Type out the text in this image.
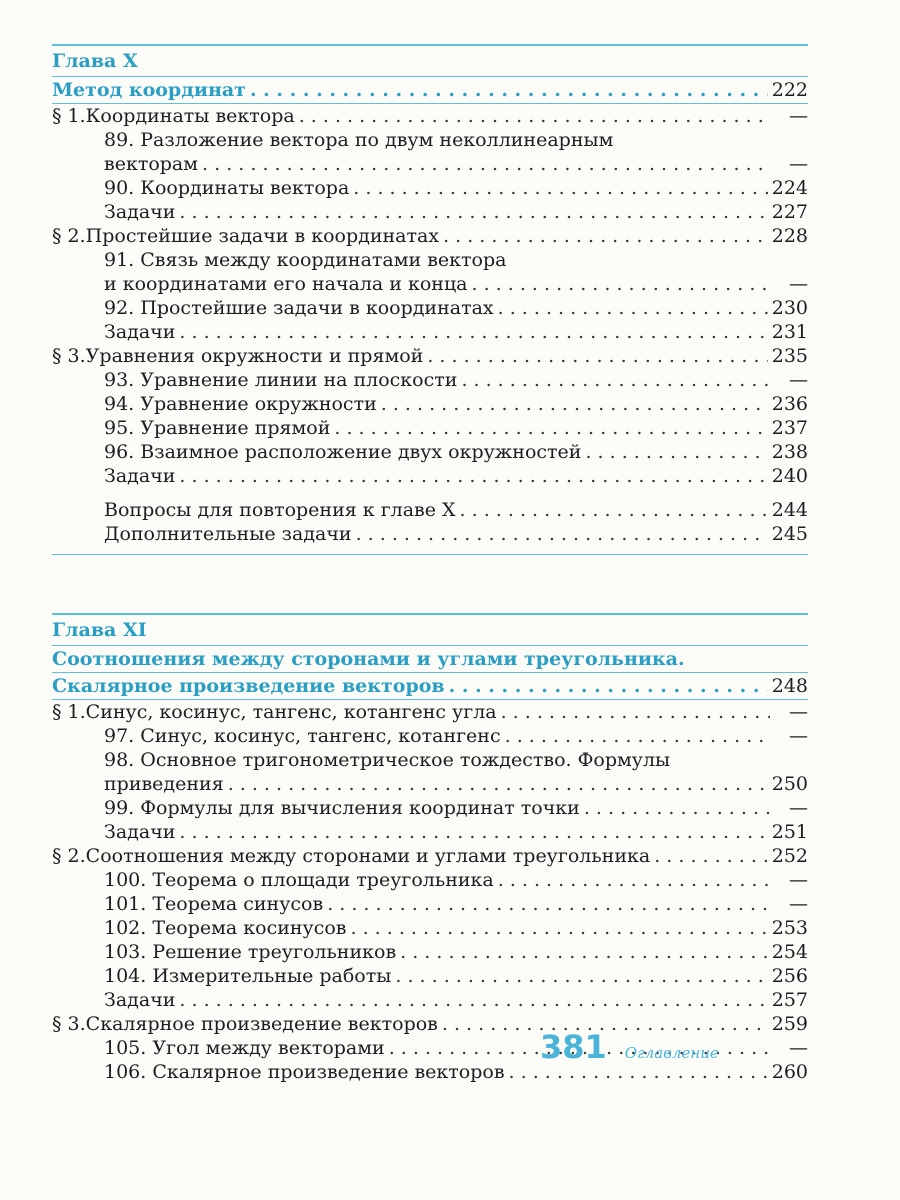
Глава X
Метод координат . . .	222
§ 1. Координаты вектора . . .	—
89. Разложение вектора по двум неколлинеарным
векторам . . .	—
90. Координаты вектора . . .	224
Задачи . . .	227
§ 2. Простейшие задачи в координатах . . .	228
91. Связь между координатами вектора
и координатами его начала и конца . . .	—
92. Простейшие задачи в координатах . . .	230
Задачи . . .	231
§ 3. Уравнения окружности и прямой . . .	235
93. Уравнение линии на плоскости . . .	—
94. Уравнение окружности . . .	236
95. Уравнение прямой . . .	237
96. Взаимное расположение двух окружностей . . .	238
Задачи . . .	240
Вопросы для повторения к главе X . . .	244
Дополнительные задачи . . .	245
Глава XI
Соотношения между сторонами и углами треугольника.
Скалярное произведение векторов . . .	248
§ 1. Синус, косинус, тангенс, котангенс угла . . .	—
97. Синус, косинус, тангенс, котангенс . . .	—
98. Основное тригонометрическое тождество. Формулы
приведения . . .	250
99. Формулы для вычисления координат точки . . .	—
Задачи . . .	251
§ 2. Соотношения между сторонами и углами треугольника . . .	252
100. Теорема о площади треугольника . . .	—
101. Теорема синусов . . .	—
102. Теорема косинусов . . .	253
103. Решение треугольников . . .	254
104. Измерительные работы . . .	256
Задачи . . .	257
§ 3. Скалярное произведение векторов . . .	259
105. Угол между векторами . . .	—
106. Скалярное произведение векторов . . .	260
381 Оглавление
